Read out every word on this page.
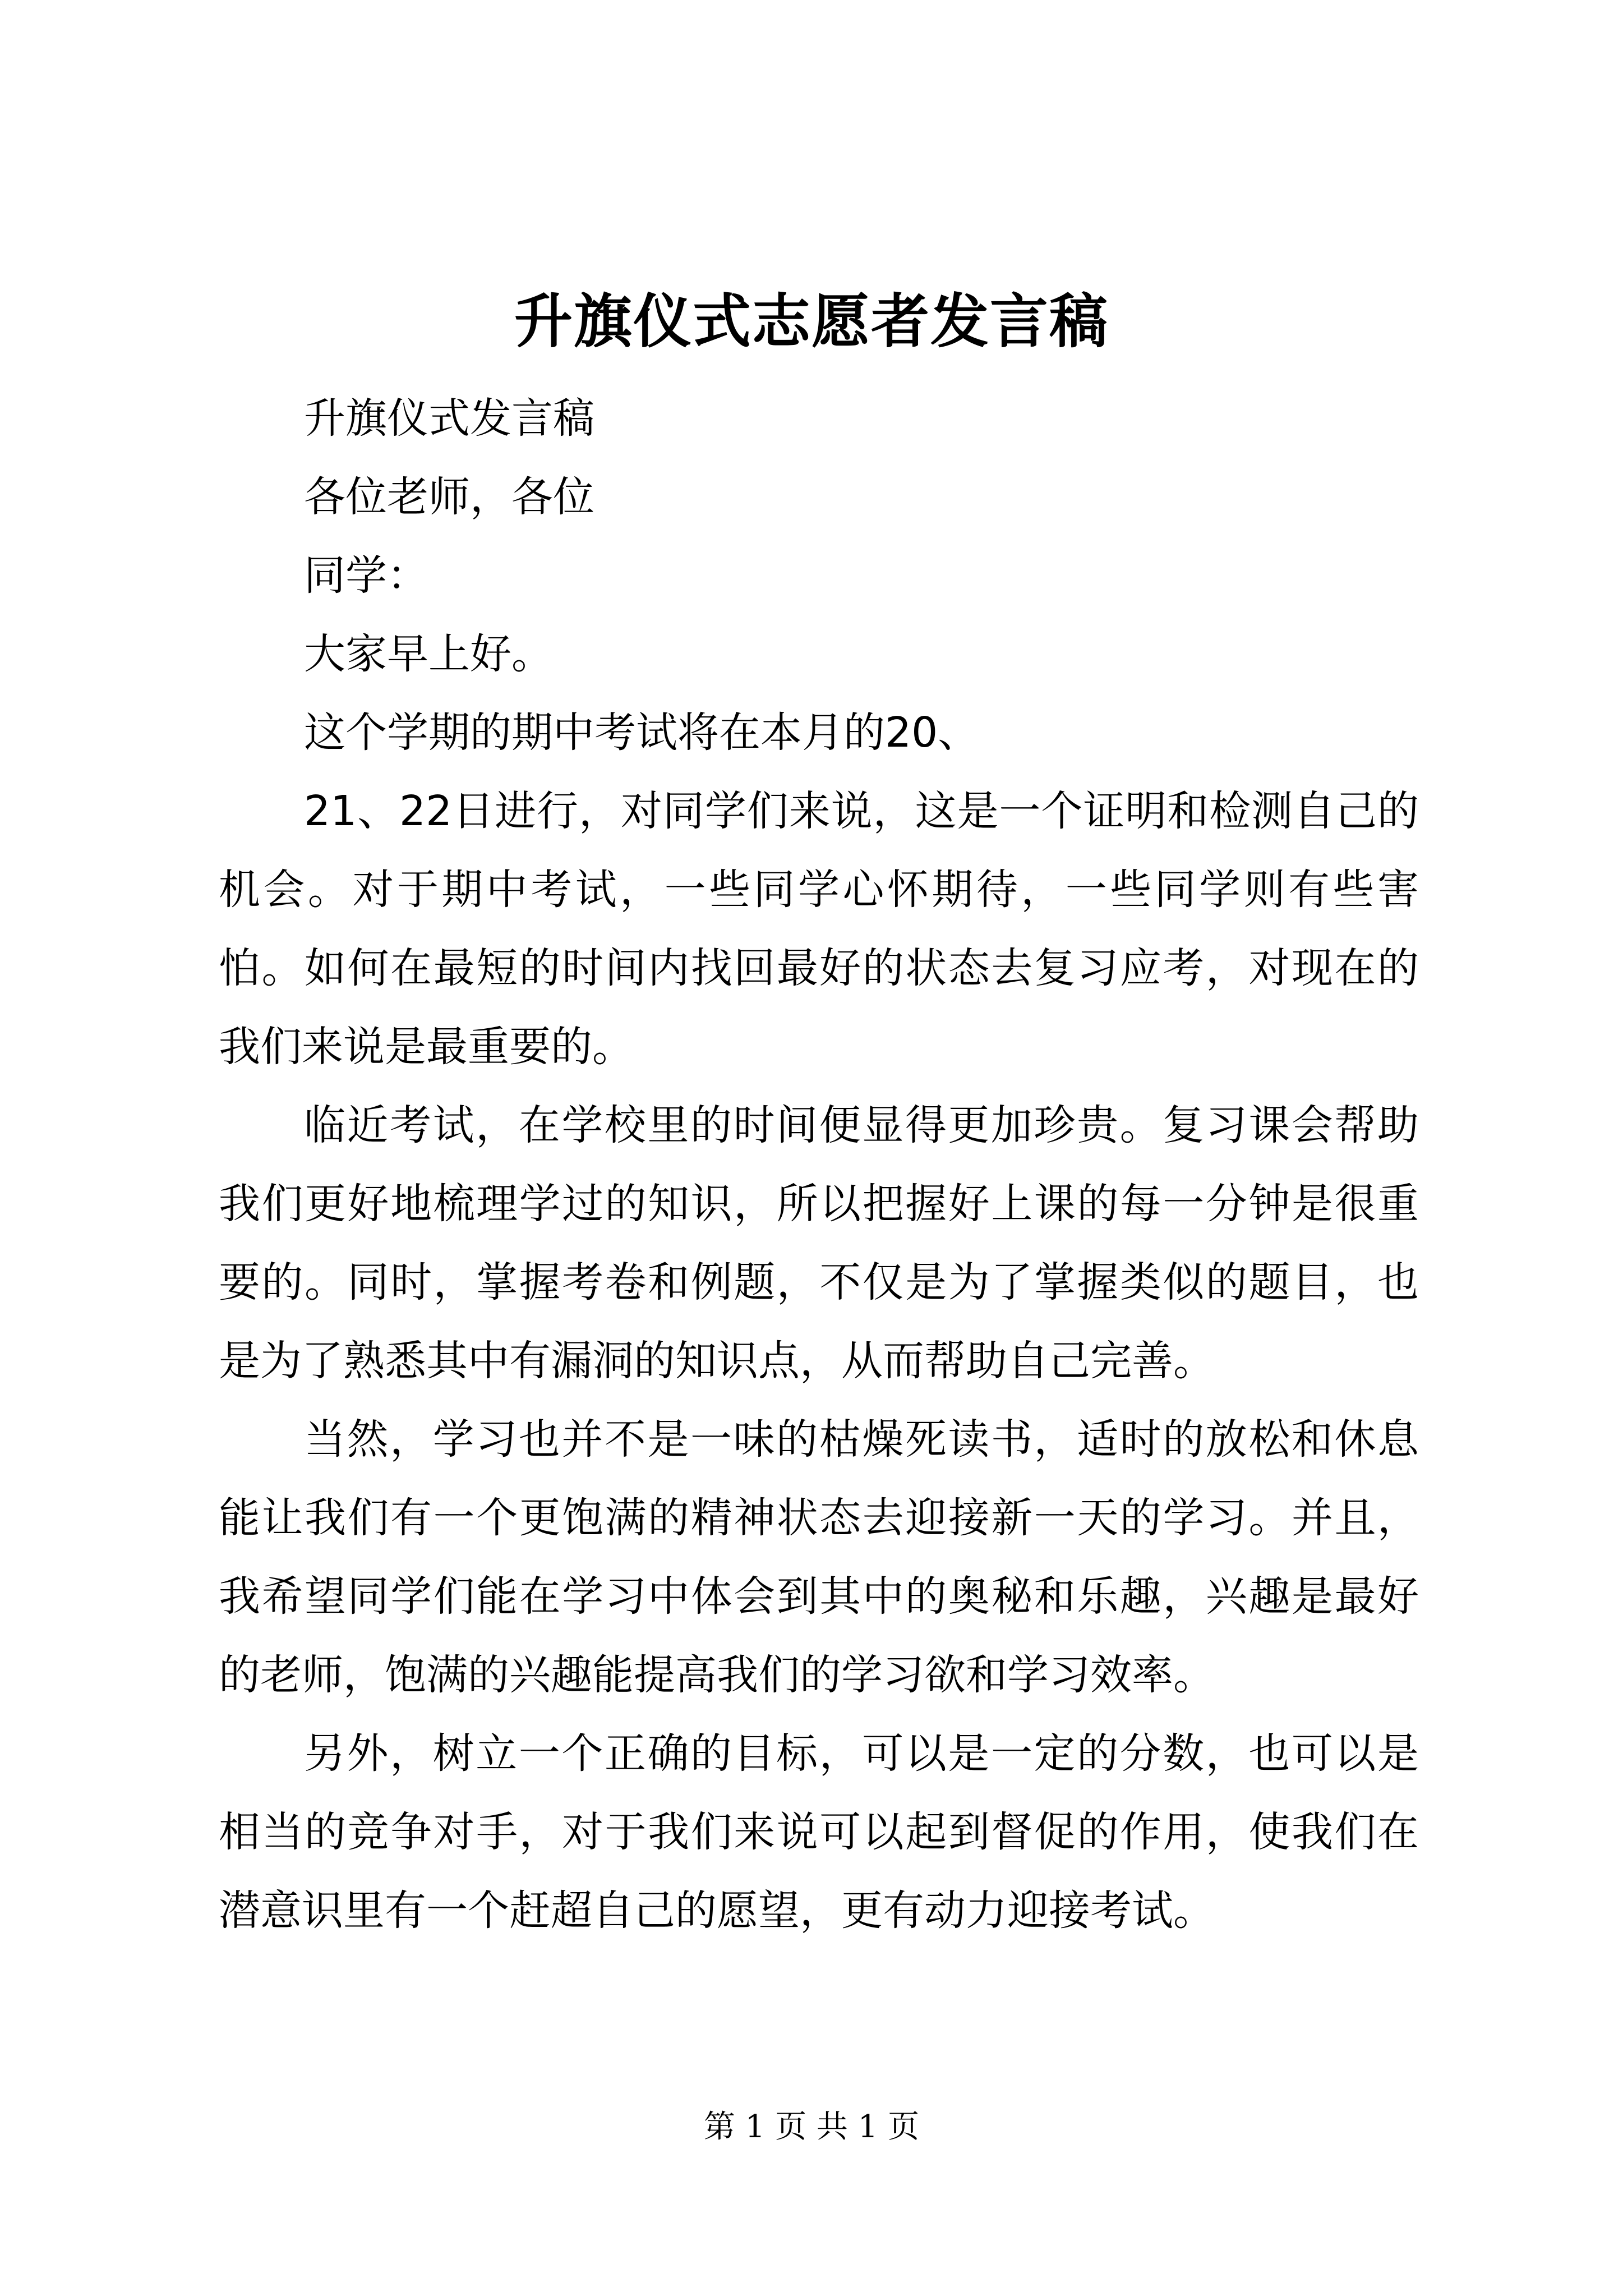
升旗仪式志愿者发言稿

升旗仪式发言稿

各位老师，各位

同学：

大家早上好。

这个学期的期中考试将在本月的20、

21、22日进行，对同学们来说，这是一个证明和检测自己的机会。对于期中考试，一些同学心怀期待，一些同学则有些害怕。如何在最短的时间内找回最好的状态去复习应考，对现在的我们来说是最重要的。

临近考试，在学校里的时间便显得更加珍贵。复习课会帮助我们更好地梳理学过的知识，所以把握好上课的每一分钟是很重要的。同时，掌握考卷和例题，不仅是为了掌握类似的题目，也是为了熟悉其中有漏洞的知识点，从而帮助自己完善。

当然，学习也并不是一味的枯燥死读书，适时的放松和休息能让我们有一个更饱满的精神状态去迎接新一天的学习。并且，我希望同学们能在学习中体会到其中的奥秘和乐趣，兴趣是最好的老师，饱满的兴趣能提高我们的学习欲和学习效率。

另外，树立一个正确的目标，可以是一定的分数，也可以是相当的竞争对手，对于我们来说可以起到督促的作用，使我们在潜意识里有一个赶超自己的愿望，更有动力迎接考试。

第 1 页 共 1 页
